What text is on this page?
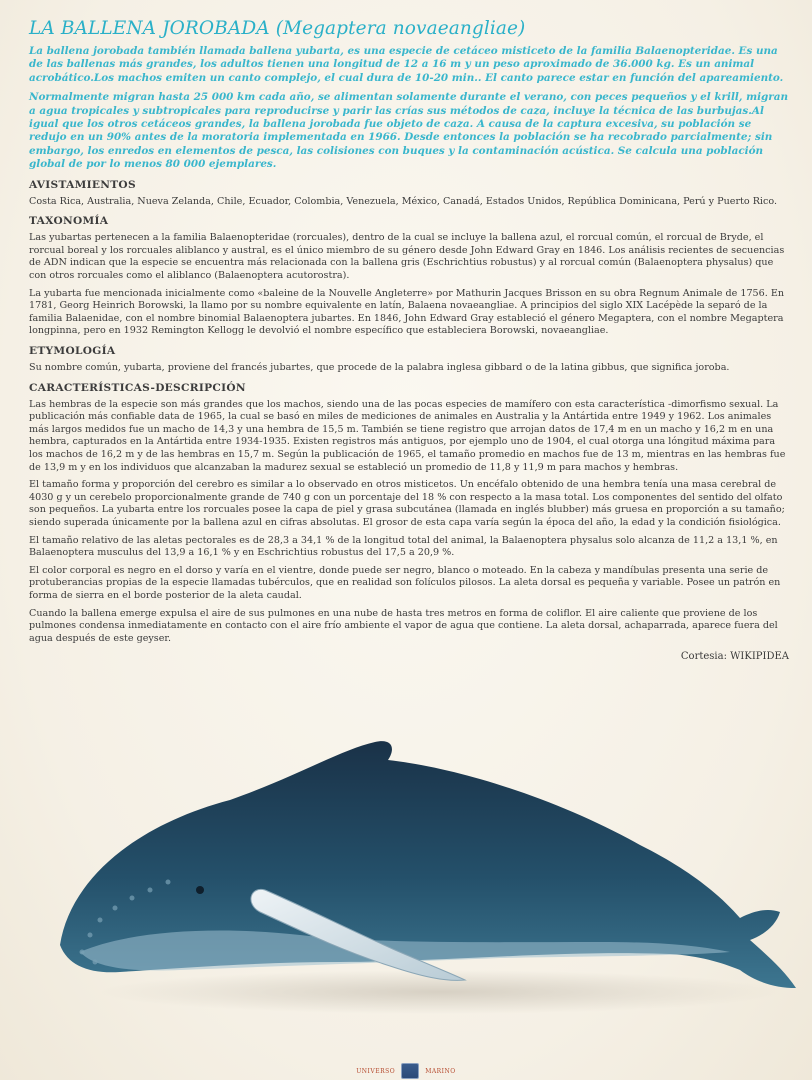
LA BALLENA JOROBADA (Megaptera novaeangliae)

La ballena jorobada también llamada ballena yubarta, es una especie de cetáceo misticeto de la familia Balaenopteridae. Es una de las ballenas más grandes, los adultos tienen una longitud de 12 a 16 m y un peso aproximado de 36.000 kg. Es un animal acrobático.Los machos emiten un canto complejo, el cual dura de 10-20 min.. El canto parece estar en función del apareamiento.

Normalmente migran hasta 25 000 km cada año, se alimentan solamente durante el verano, con peces pequeños y el krill, migran a agua tropicales y subtropicales para reproducirse y parir las crías sus métodos de caza, incluye la técnica de las burbujas.Al igual que los otros cetáceos grandes, la ballena jorobada fue objeto de caza. A causa de la captura excesiva, su población se redujo en un 90% antes de la moratoria implementada en 1966. Desde entonces la población se ha recobrado parcialmente; sin embargo, los enredos en elementos de pesca, las colisiones con buques y la contaminación acústica. Se calcula una población global de por lo menos 80 000 ejemplares.

AVISTAMIENTOS

Costa Rica, Australia, Nueva Zelanda, Chile, Ecuador, Colombia, Venezuela, México, Canadá, Estados Unidos, República Dominicana, Perú y Puerto Rico.

TAXONOMÍA

Las yubartas pertenecen a la familia Balaenopteridae (rorcuales), dentro de la cual se incluye la ballena azul, el rorcual común, el rorcual de Bryde, el rorcual boreal y los rorcuales aliblanco y austral, es el único miembro de su género desde John Edward Gray en 1846. Los análisis recientes de secuencias de ADN indican que la especie se encuentra más relacionada con la ballena gris (Eschrichtius robustus) y al rorcual común (Balaenoptera physalus) que con otros rorcuales como el aliblanco (Balaenoptera acutorostra).

La yubarta fue mencionada inicialmente como «baleine de la Nouvelle Angleterre» por Mathurin Jacques Brisson en su obra Regnum Animale de 1756. En 1781, Georg Heinrich Borowski, la llamo por su nombre equivalente en latín, Balaena novaeangliae. A principios del siglo XIX Lacépède la separó de la familia Balaenidae, con el nombre binomial Balaenoptera jubartes. En 1846, John Edward Gray estableció el género Megaptera, con el nombre Megaptera longpinna, pero en 1932 Remington Kellogg le devolvió el nombre específico que estableciera Borowski, novaeangliae.

ETYMOLOGÍA

Su nombre común, yubarta, proviene del francés jubartes, que procede de la palabra inglesa gibbard o de la latina gibbus, que significa joroba.

CARACTERÍSTICAS-DESCRIPCIÓN

Las hembras de la especie son más grandes que los machos, siendo una de las pocas especies de mamífero con esta característica -dimorfismo sexual. La publicación más confiable data de 1965, la cual se basó en miles de mediciones de animales en Australia y la Antártida entre 1949 y 1962. Los animales más largos medidos fue un macho de 14,3 y una hembra de 15,5 m. También se tiene registro que arrojan datos de 17,4 m en un macho y 16,2 m en una hembra, capturados en la Antártida entre 1934-1935. Existen registros más antiguos, por ejemplo uno de 1904, el cual otorga una lóngitud máxima para los machos de 16,2 m y de las hembras en 15,7 m. Según la publicación de 1965, el tamaño promedio en machos fue de 13 m, mientras en las hembras fue de 13,9 m y en los individuos que alcanzaban la madurez sexual se estableció un promedio de 11,8 y 11,9 m para machos y hembras.

El tamaño forma y proporción del cerebro es similar a lo observado en otros misticetos. Un encéfalo obtenido de una hembra tenía una masa cerebral de 4030 g y un cerebelo proporcionalmente grande de 740 g con un porcentaje del 18 % con respecto a la masa total. Los componentes del sentido del olfato son pequeños. La yubarta entre los rorcuales posee la capa de piel y grasa subcutánea (llamada en inglés blubber) más gruesa en proporción a su tamaño; siendo superada únicamente por la ballena azul en cifras absolutas. El grosor de esta capa varía según la época del año, la edad y la condición fisiológica.

El tamaño relativo de las aletas pectorales es de 28,3 a 34,1 % de la longitud total del animal, la Balaenoptera physalus solo alcanza de 11,2 a 13,1 %, en Balaenoptera musculus del 13,9 a 16,1 % y en Eschrichtius robustus del 17,5 a 20,9 %.

El color corporal es negro en el dorso y varía en el vientre, donde puede ser negro, blanco o moteado. En la cabeza y mandíbulas presenta una serie de protuberancias propias de la especie llamadas tubérculos, que en realidad son folículos pilosos. La aleta dorsal es pequeña y variable. Posee un patrón en forma de sierra en el borde posterior de la aleta caudal.

Cuando la ballena emerge expulsa el aire de sus pulmones en una nube de hasta tres metros en forma de coliflor. El aire caliente que proviene de los pulmones condensa inmediatamente en contacto con el aire frío ambiente el vapor de agua que contiene. La aleta dorsal, achaparrada, aparece fuera del agua después de este geyser.

Cortesia: WIKIPIDEA

UNIVERSO	MARINO
